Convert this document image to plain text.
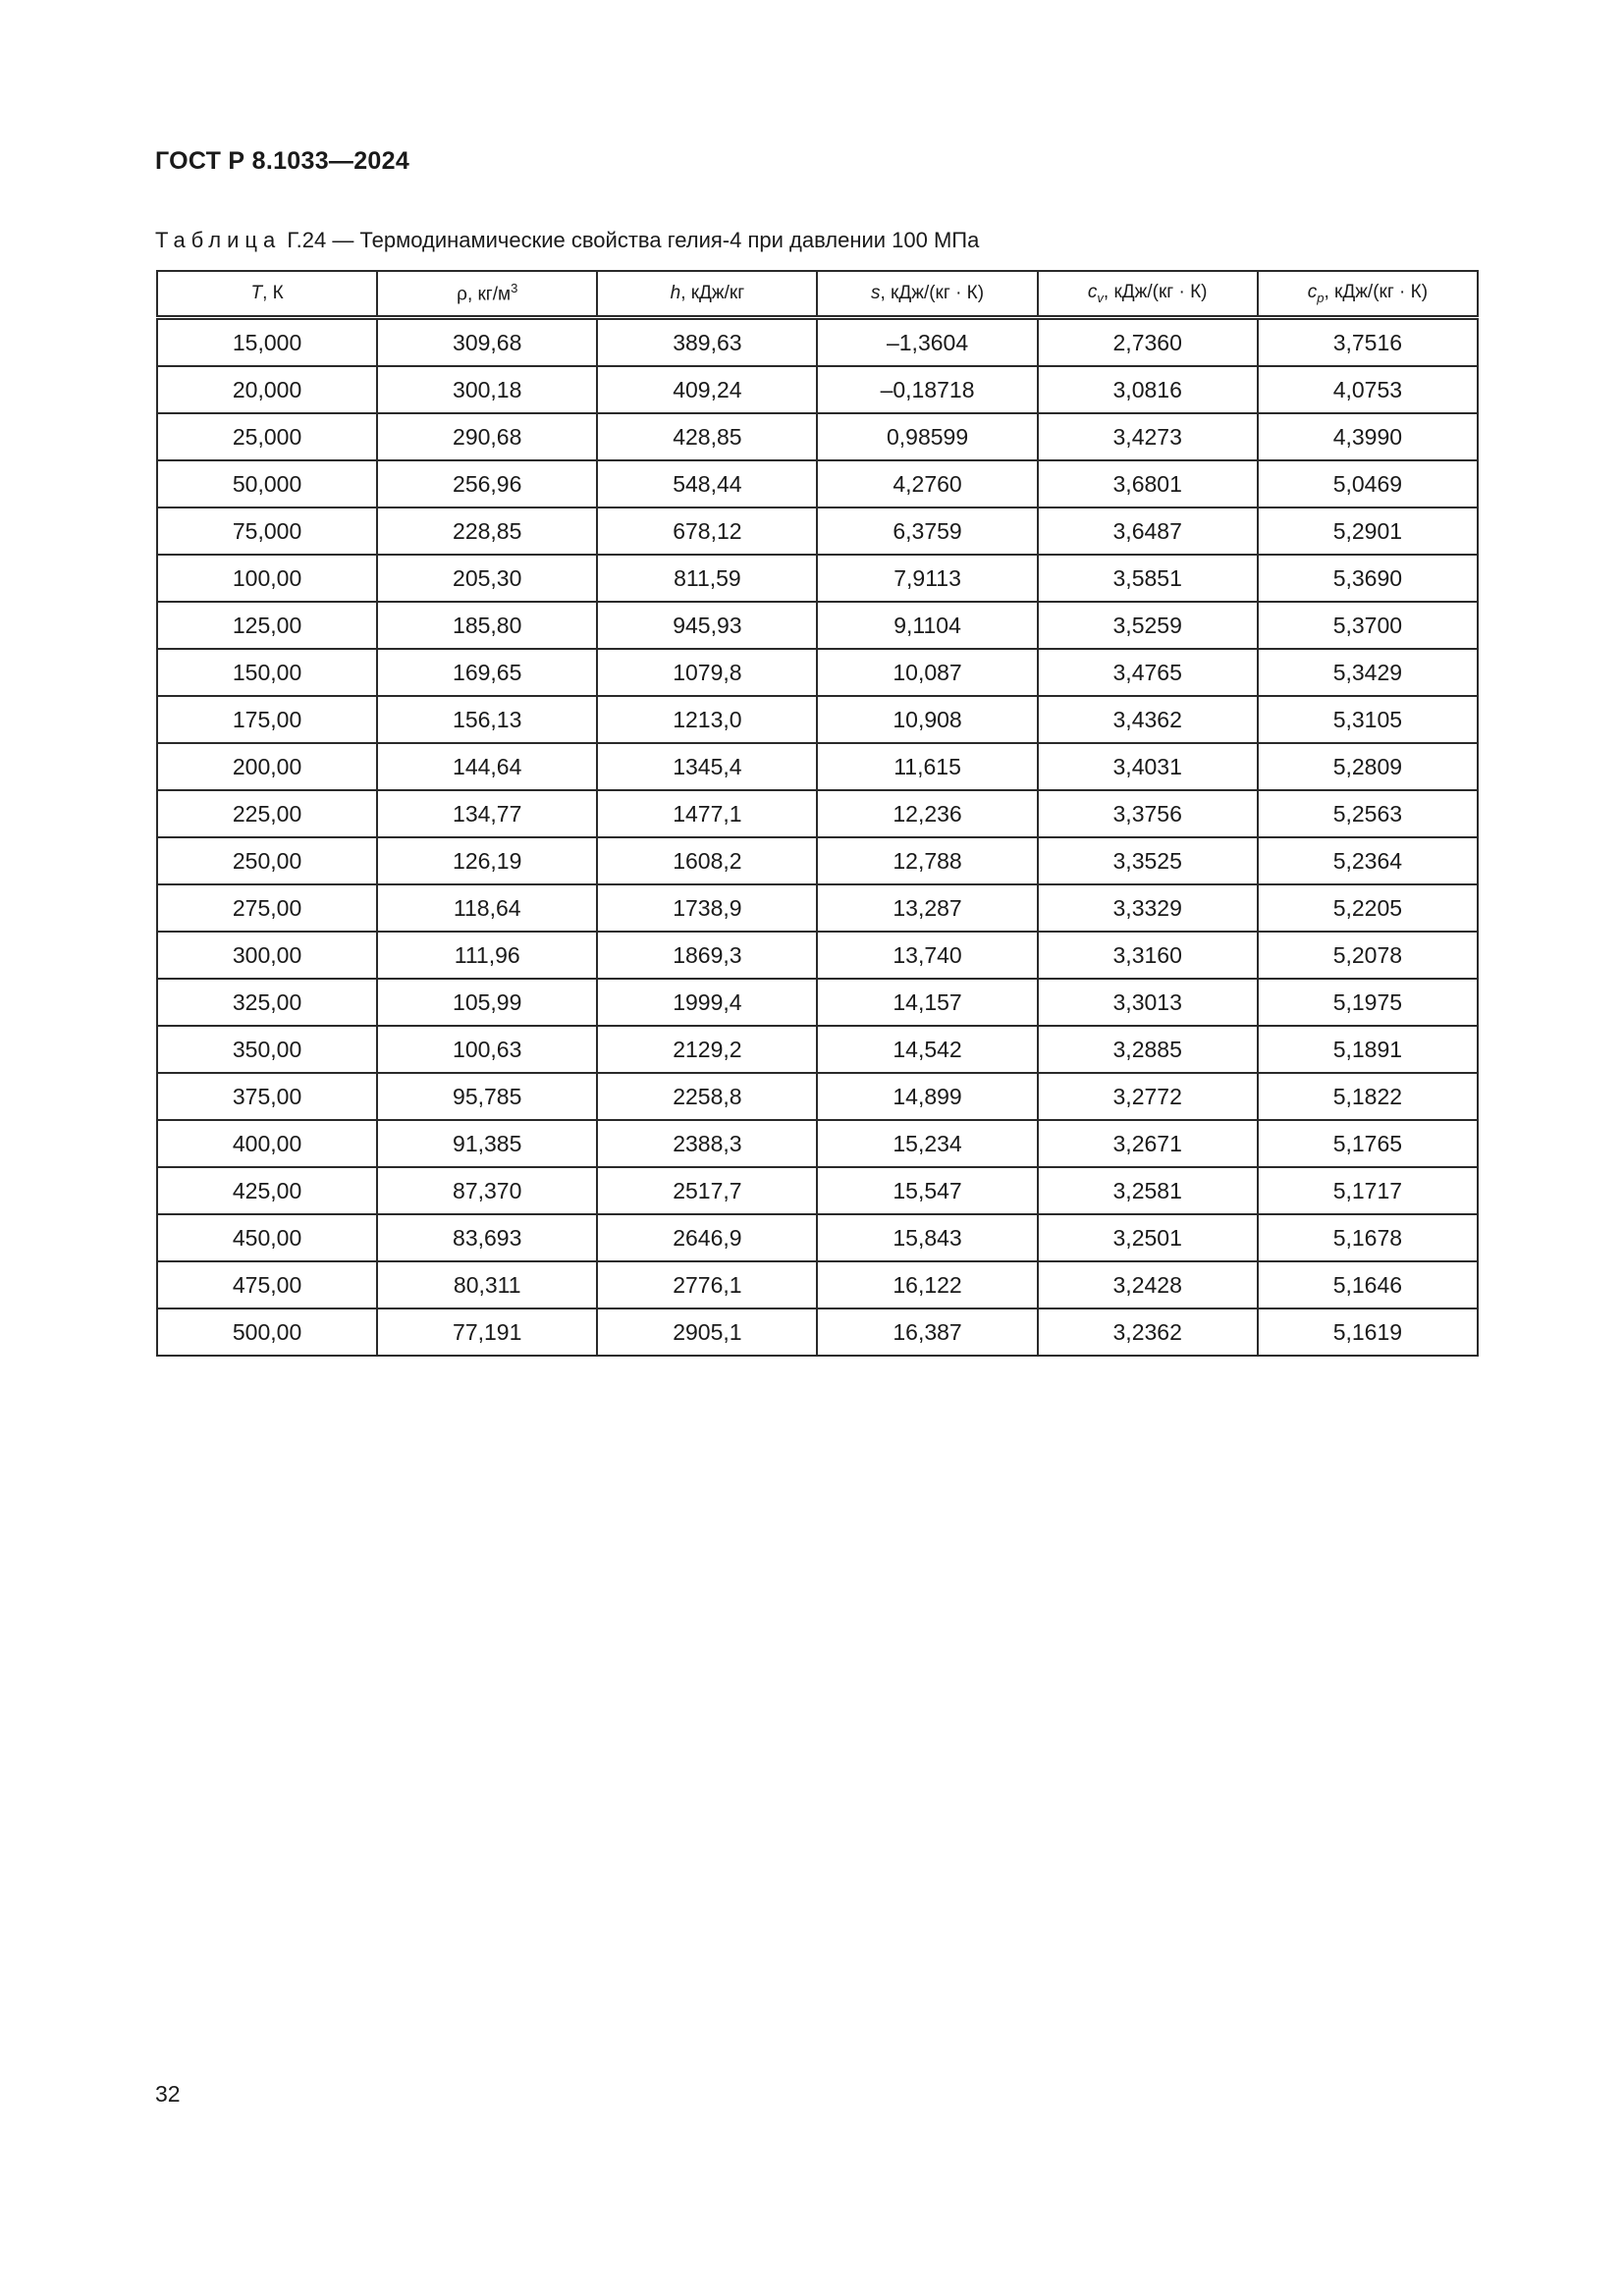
ГОСТ Р 8.1033—2024
Таблица Г.24 — Термодинамические свойства гелия-4 при давлении 100 МПа
T, К	ρ, $кг/м^3$	h, кДж/кг	s, кДж/(кг · К)	$c_v$, кДж/(кг · К)	$c_p$, кДж/(кг · К)
15,000	309,68	389,63	–1,3604	2,7360	3,7516
20,000	300,18	409,24	–0,18718	3,0816	4,0753
25,000	290,68	428,85	0,98599	3,4273	4,3990
50,000	256,96	548,44	4,2760	3,6801	5,0469
75,000	228,85	678,12	6,3759	3,6487	5,2901
100,00	205,30	811,59	7,9113	3,5851	5,3690
125,00	185,80	945,93	9,1104	3,5259	5,3700
150,00	169,65	1079,8	10,087	3,4765	5,3429
175,00	156,13	1213,0	10,908	3,4362	5,3105
200,00	144,64	1345,4	11,615	3,4031	5,2809
225,00	134,77	1477,1	12,236	3,3756	5,2563
250,00	126,19	1608,2	12,788	3,3525	5,2364
275,00	118,64	1738,9	13,287	3,3329	5,2205
300,00	111,96	1869,3	13,740	3,3160	5,2078
325,00	105,99	1999,4	14,157	3,3013	5,1975
350,00	100,63	2129,2	14,542	3,2885	5,1891
375,00	95,785	2258,8	14,899	3,2772	5,1822
400,00	91,385	2388,3	15,234	3,2671	5,1765
425,00	87,370	2517,7	15,547	3,2581	5,1717
450,00	83,693	2646,9	15,843	3,2501	5,1678
475,00	80,311	2776,1	16,122	3,2428	5,1646
500,00	77,191	2905,1	16,387	3,2362	5,1619
32
